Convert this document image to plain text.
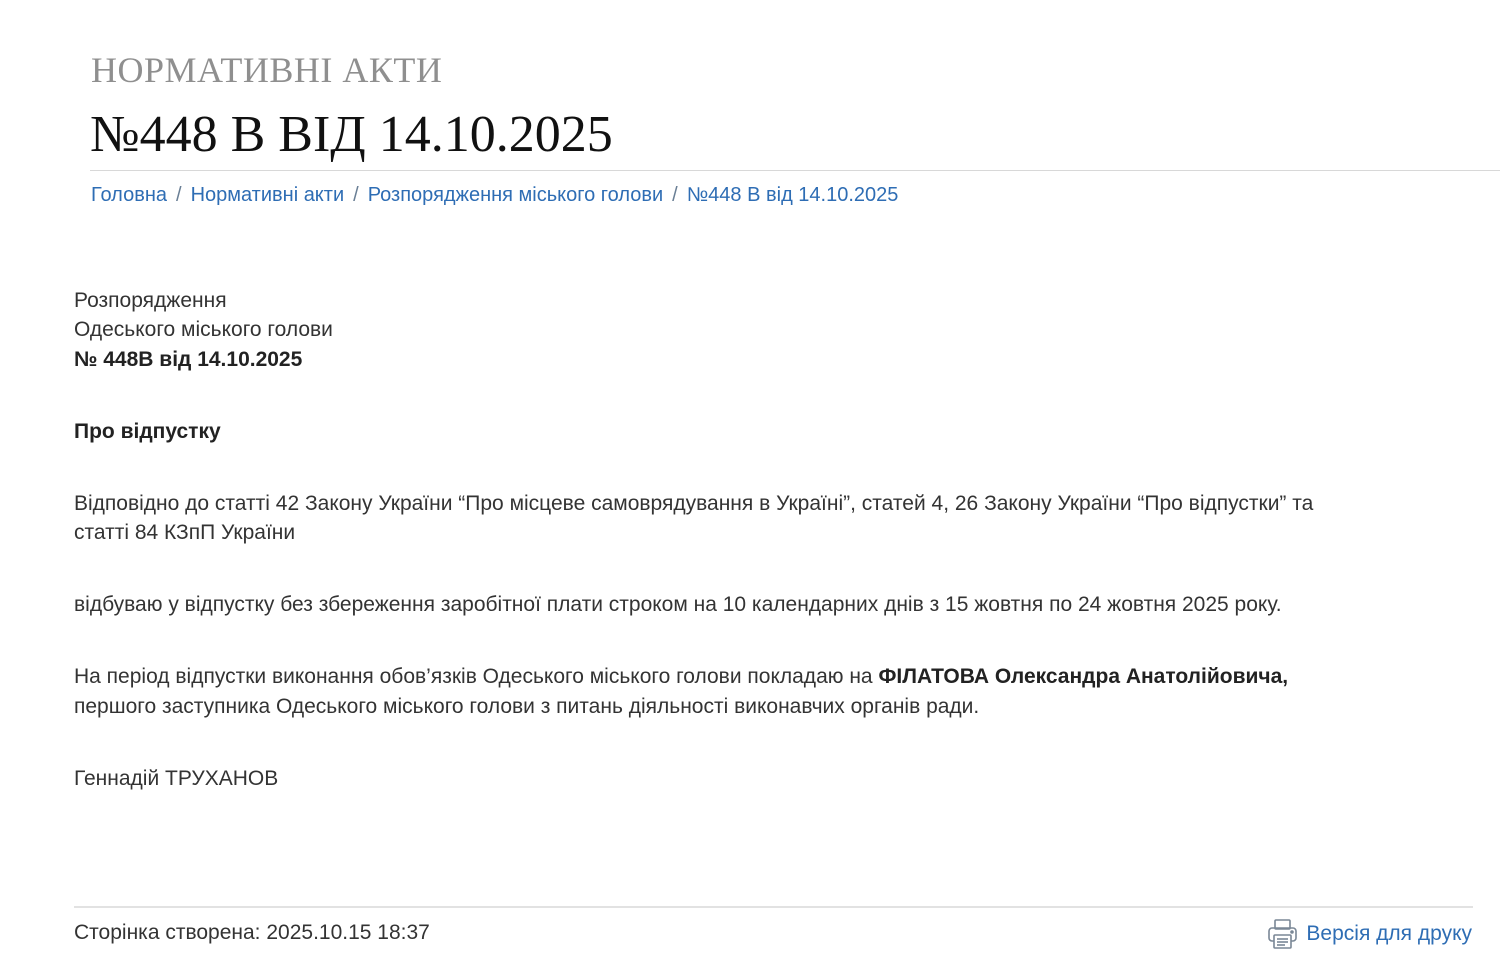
НОРМАТИВНІ АКТИ
№448 В ВІД 14.10.2025
Головна / Нормативні акти / Розпорядження міського голови / №448 В від 14.10.2025
Розпорядження
Одеського міського голови
№ 448В від 14.10.2025
Про відпустку
Відповідно до статті 42 Закону України “Про місцеве самоврядування в Україні”, статей 4, 26 Закону України “Про відпустки” та
статті 84 КЗпП України
відбуваю у відпустку без збереження заробітної плати строком на 10 календарних днів з 15 жовтня по 24 жовтня 2025 року.
На період відпустки виконання обов’язків Одеського міського голови покладаю на ФІЛАТОВА Олександра Анатолійовича,
першого заступника Одеського міського голови з питань діяльності виконавчих органів ради.
Геннадій ТРУХАНОВ
Сторінка створена: 2025.10.15 18:37	Версія для друку
